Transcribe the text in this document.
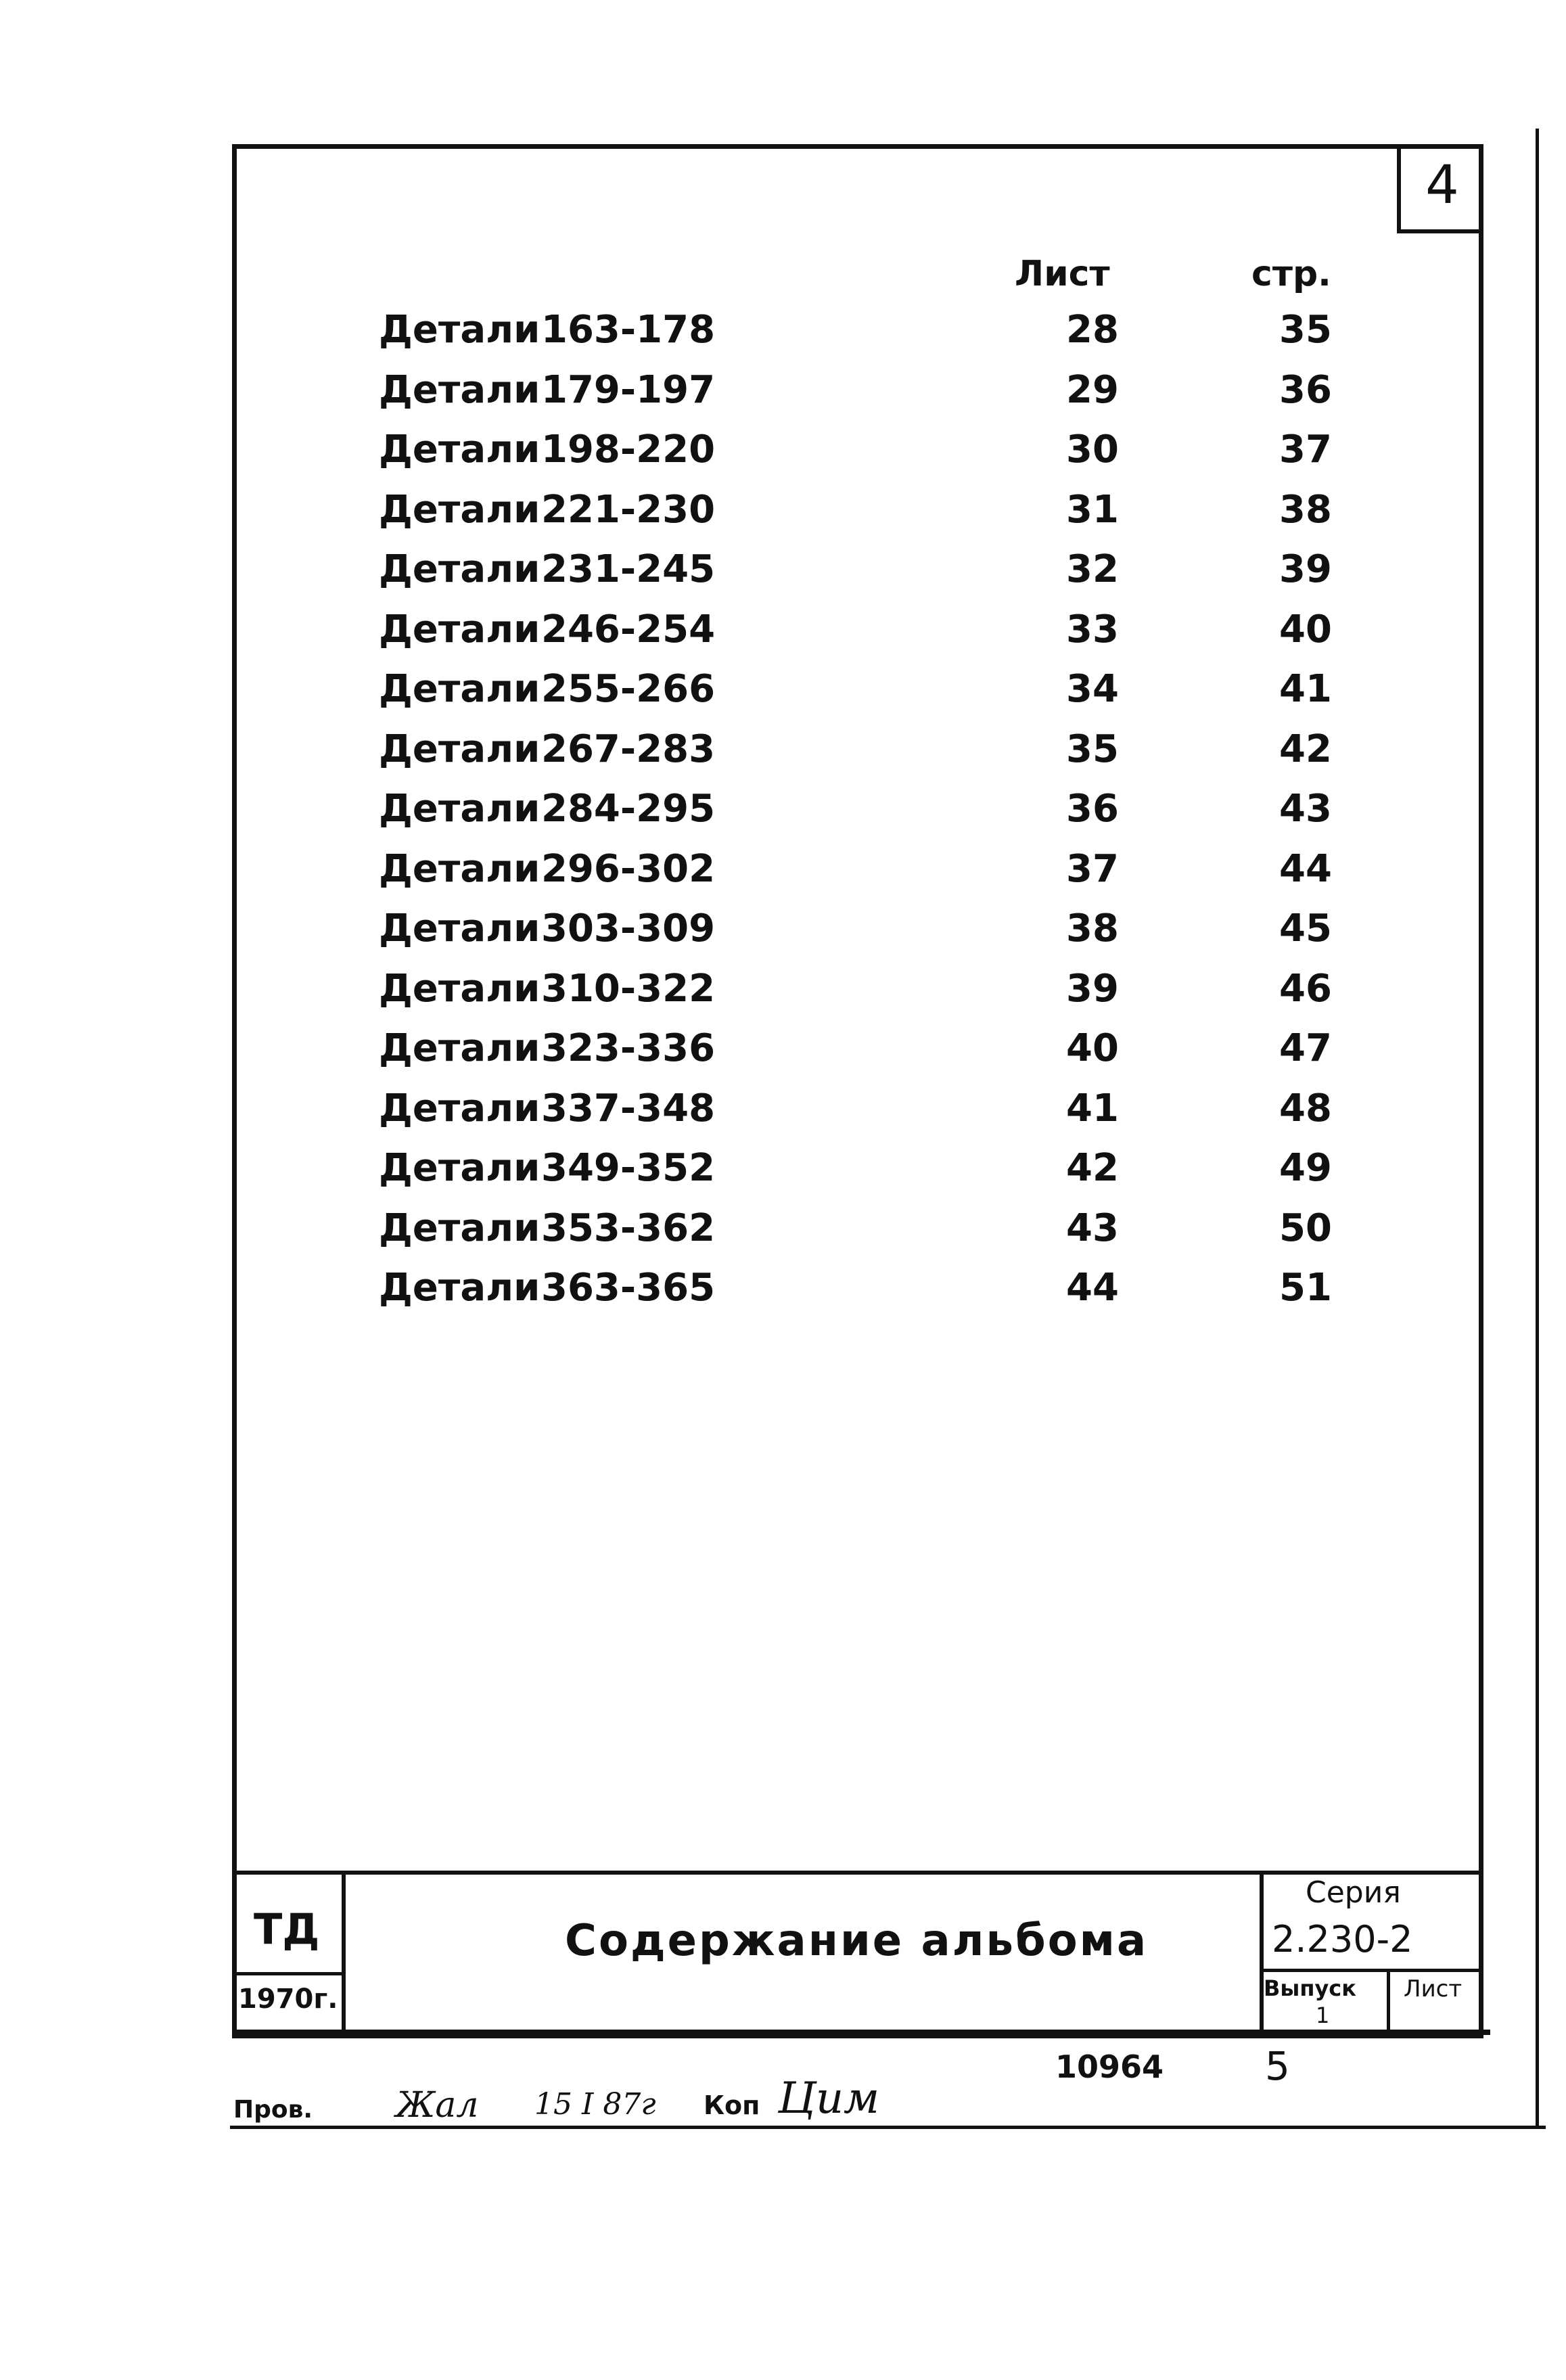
4
Лист	стр.
Детали 163-178	28	35
Детали 179-197	29	36
Детали 198-220	30	37
Детали 221-230	31	38
Детали 231-245	32	39
Детали 246-254	33	40
Детали 255-266	34	41
Детали 267-283	35	42
Детали 284-295	36	43
Детали 296-302	37	44
Детали 303-309	38	45
Детали 310-322	39	46
Детали 323-336	40	47
Детали 337-348	41	48
Детали 349-352	42	49
Детали 353-362	43	50
Детали 363-365	44	51
ТД
1970г.
Содержание альбома
Серия
2.230-2
Выпуск
1
Лист
10964	5
Пров. Жал 15 I 87г Коп Цим
